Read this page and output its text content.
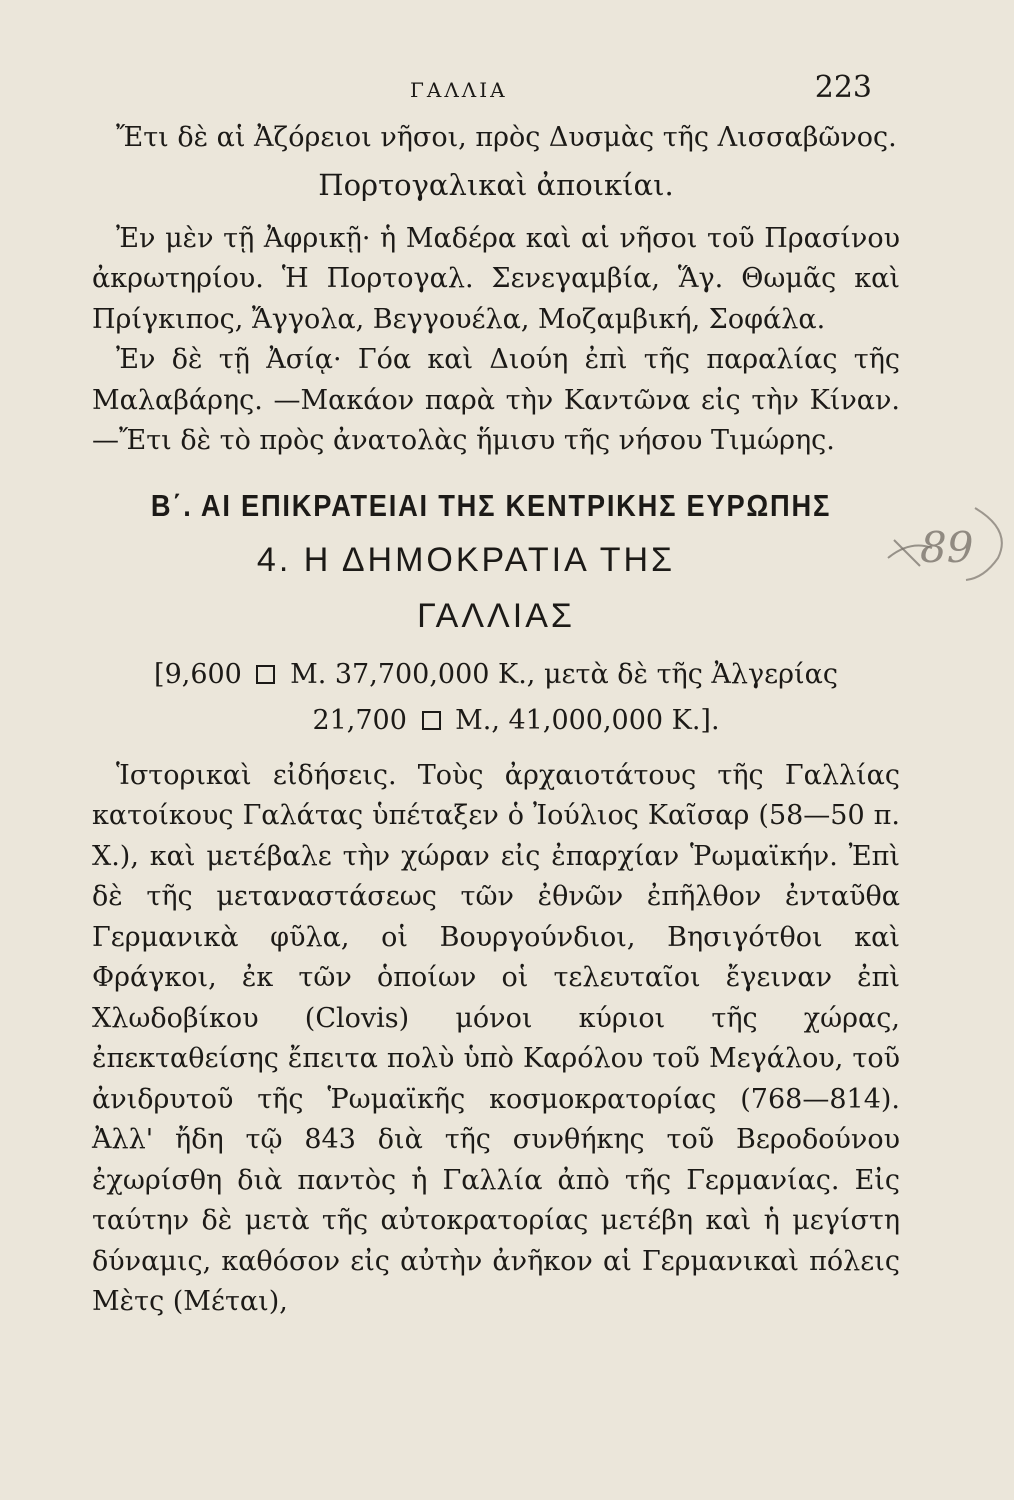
ΓΑΛΛΙΑ	223

Ἔτι δὲ αἱ Ἀζόρειοι νῆσοι, πρὸς Δυσμὰς τῆς Λισσαβῶνος.

Πορτογαλικαὶ ἀποικίαι.

Ἐν μὲν τῇ Ἀφρικῇ· ἡ Μαδέρα καὶ αἱ νῆσοι τοῦ Πρασίνου ἀκρωτηρίου. Ἡ Πορτογαλ. Σενεγαμβία, Ἅγ. Θωμᾶς καὶ Πρίγκιπος, Ἄγγολα, Βεγγουέλα, Μοζαμβική, Σοφάλα.

Ἐν δὲ τῇ Ἀσίᾳ· Γόα καὶ Διούη ἐπὶ τῆς παραλίας τῆς Μαλαβάρης. —Μακάον παρὰ τὴν Καντῶνα εἰς τὴν Κίναν. —Ἔτι δὲ τὸ πρὸς ἀνατολὰς ἥμισυ τῆς νήσου Τιμώρης.

Β΄. ΑΙ ΕΠΙΚΡΑΤΕΙΑΙ ΤΗΣ ΚΕΝΤΡΙΚΗΣ ΕΥΡΩΠΗΣ
4. Η ΔΗΜΟΚΡΑΤΙΑ ΤΗΣ
ΓΑΛΛΙΑΣ
[9,600 Μ. 37,700,000 Κ., μετὰ δὲ τῆς Ἀλγερίας
21,700 Μ., 41,000,000 Κ.].

Ἱστορικαὶ εἰδήσεις. Τοὺς ἀρχαιοτάτους τῆς Γαλλίας κατοίκους Γαλάτας ὑπέταξεν ὁ Ἰούλιος Καῖσαρ (58—50 π. Χ.), καὶ μετέβαλε τὴν χώραν εἰς ἐπαρχίαν Ῥωμαϊκήν. Ἐπὶ δὲ τῆς μεταναστάσεως τῶν ἐθνῶν ἐπῆλθον ἐνταῦθα Γερμανικὰ φῦλα, οἱ Βουργούνδιοι, Βησιγότθοι καὶ Φράγκοι, ἐκ τῶν ὁποίων οἱ τελευταῖοι ἔγειναν ἐπὶ Χλωδοβίκου (Clovis) μόνοι κύριοι τῆς χώρας, ἐπεκταθείσης ἔπειτα πολὺ ὑπὸ Καρόλου τοῦ Μεγάλου, τοῦ ἀνιδρυτοῦ τῆς Ῥωμαϊκῆς κοσμοκρατορίας (768—814). Ἀλλ' ἤδη τῷ 843 διὰ τῆς συνθήκης τοῦ Βεροδούνου ἐχωρίσθη διὰ παντὸς ἡ Γαλλία ἀπὸ τῆς Γερμανίας. Εἰς ταύτην δὲ μετὰ τῆς αὐτοκρατορίας μετέβη καὶ ἡ μεγίστη δύναμις, καθόσον εἰς αὐτὴν ἀνῆκον αἱ Γερμανικαὶ πόλεις Μὲτς (Μέται),

89
